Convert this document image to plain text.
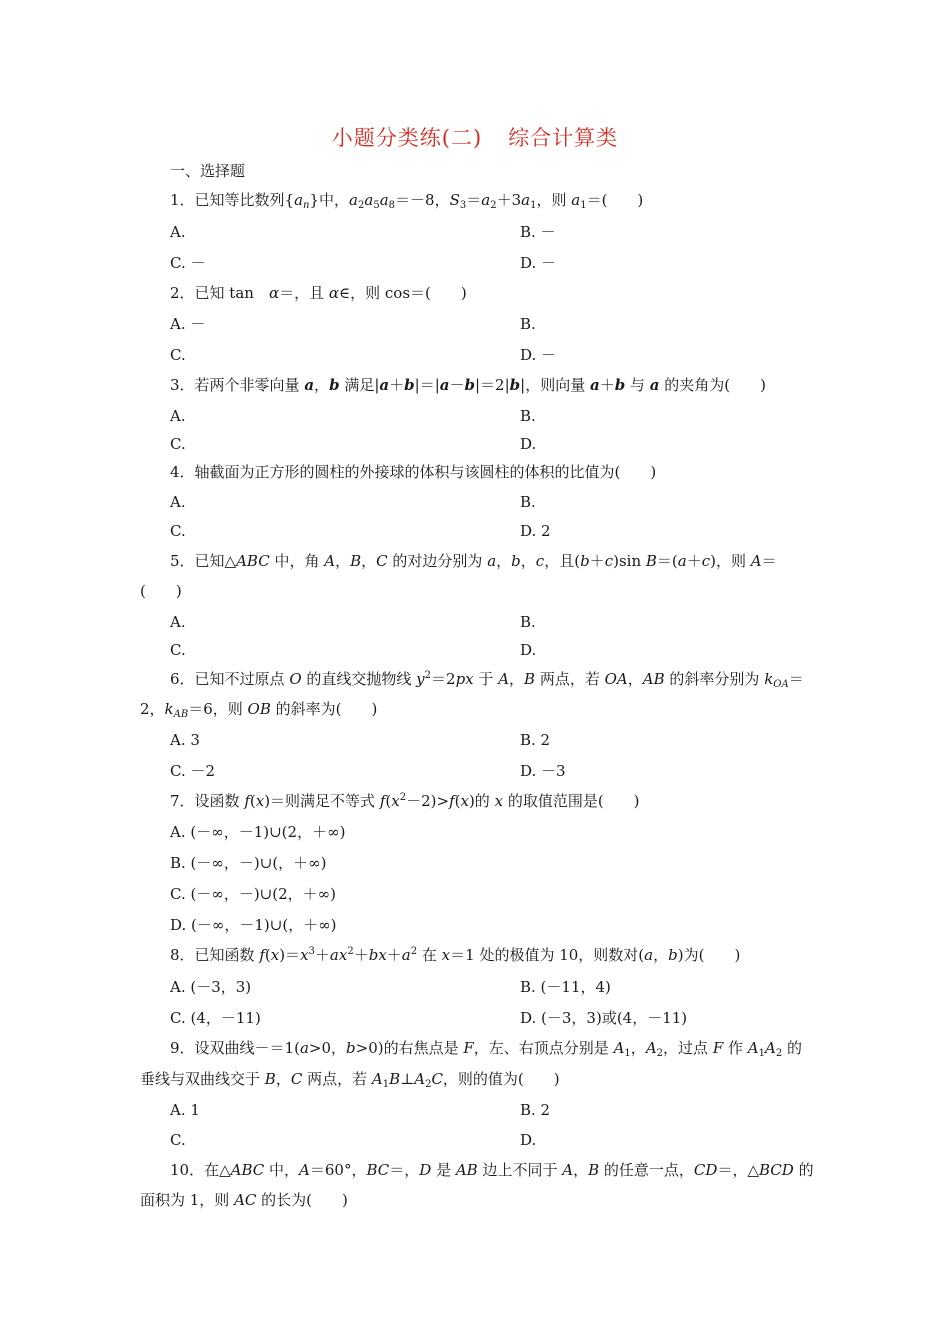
小题分类练(二) 综合计算类
一、选择题
1．已知等比数列$\{a_n\}$中，$a_2a_5a_8=-8$，$S_3=a_2+3a_1$，则 $a_1=$(　　)
A.	B. －
C. －	D. －
2．已知 tan　α＝，且 α∈，则 cos＝(　　)
A. －	B.
C.	D. －
3．若两个非零向量 a，b 满足|a＋b|＝|a－b|＝2|b|，则向量 a＋b 与 a 的夹角为(　　)
A.	B.
C.	D.
4．轴截面为正方形的圆柱的外接球的体积与该圆柱的体积的比值为(　　)
A.	B.
C.	D. 2
5．已知△ABC 中，角 A，B，C 的对边分别为 a，b，c，且(b＋c)sin B＝(a＋c)，则 A＝
(　　)
A.	B.
C.	D.
6．已知不过原点 O 的直线交抛物线 $y^2=2px$ 于 A，B 两点，若 OA，AB 的斜率分别为 $k_{OA}=$
2，$k_{AB}=6$，则 OB 的斜率为(　　)
A. 3	B. 2
C. －2	D. －3
7．设函数 f(x)＝则满足不等式 $f(x^2-2)>f(x)$的 x 的取值范围是(　　)
A. (－∞，－1)∪(2，＋∞)
B. (－∞，－)∪(，＋∞)
C. (－∞，－)∪(2，＋∞)
D. (－∞，－1)∪(，＋∞)
8．已知函数 $f(x)=x^3+ax^2+bx+a^2$ 在 x＝1 处的极值为 10，则数对(a，b)为(　　)
A. (－3，3)	B. (－11，4)
C. (4，－11)	D. (－3，3)或(4，－11)
9．设双曲线－＝1(a>0，b>0)的右焦点是 F，左、右顶点分别是 $A_1$，$A_2$，过点 F 作 $A_1A_2$ 的
垂线与双曲线交于 B，C 两点，若 $A_1B\perp A_2C$，则的值为(　　)
A. 1	B. 2
C.	D.
10．在△ABC 中，A＝60°，BC＝，D 是 AB 边上不同于 A，B 的任意一点，CD＝，△BCD 的
面积为 1，则 AC 的长为(　　)
